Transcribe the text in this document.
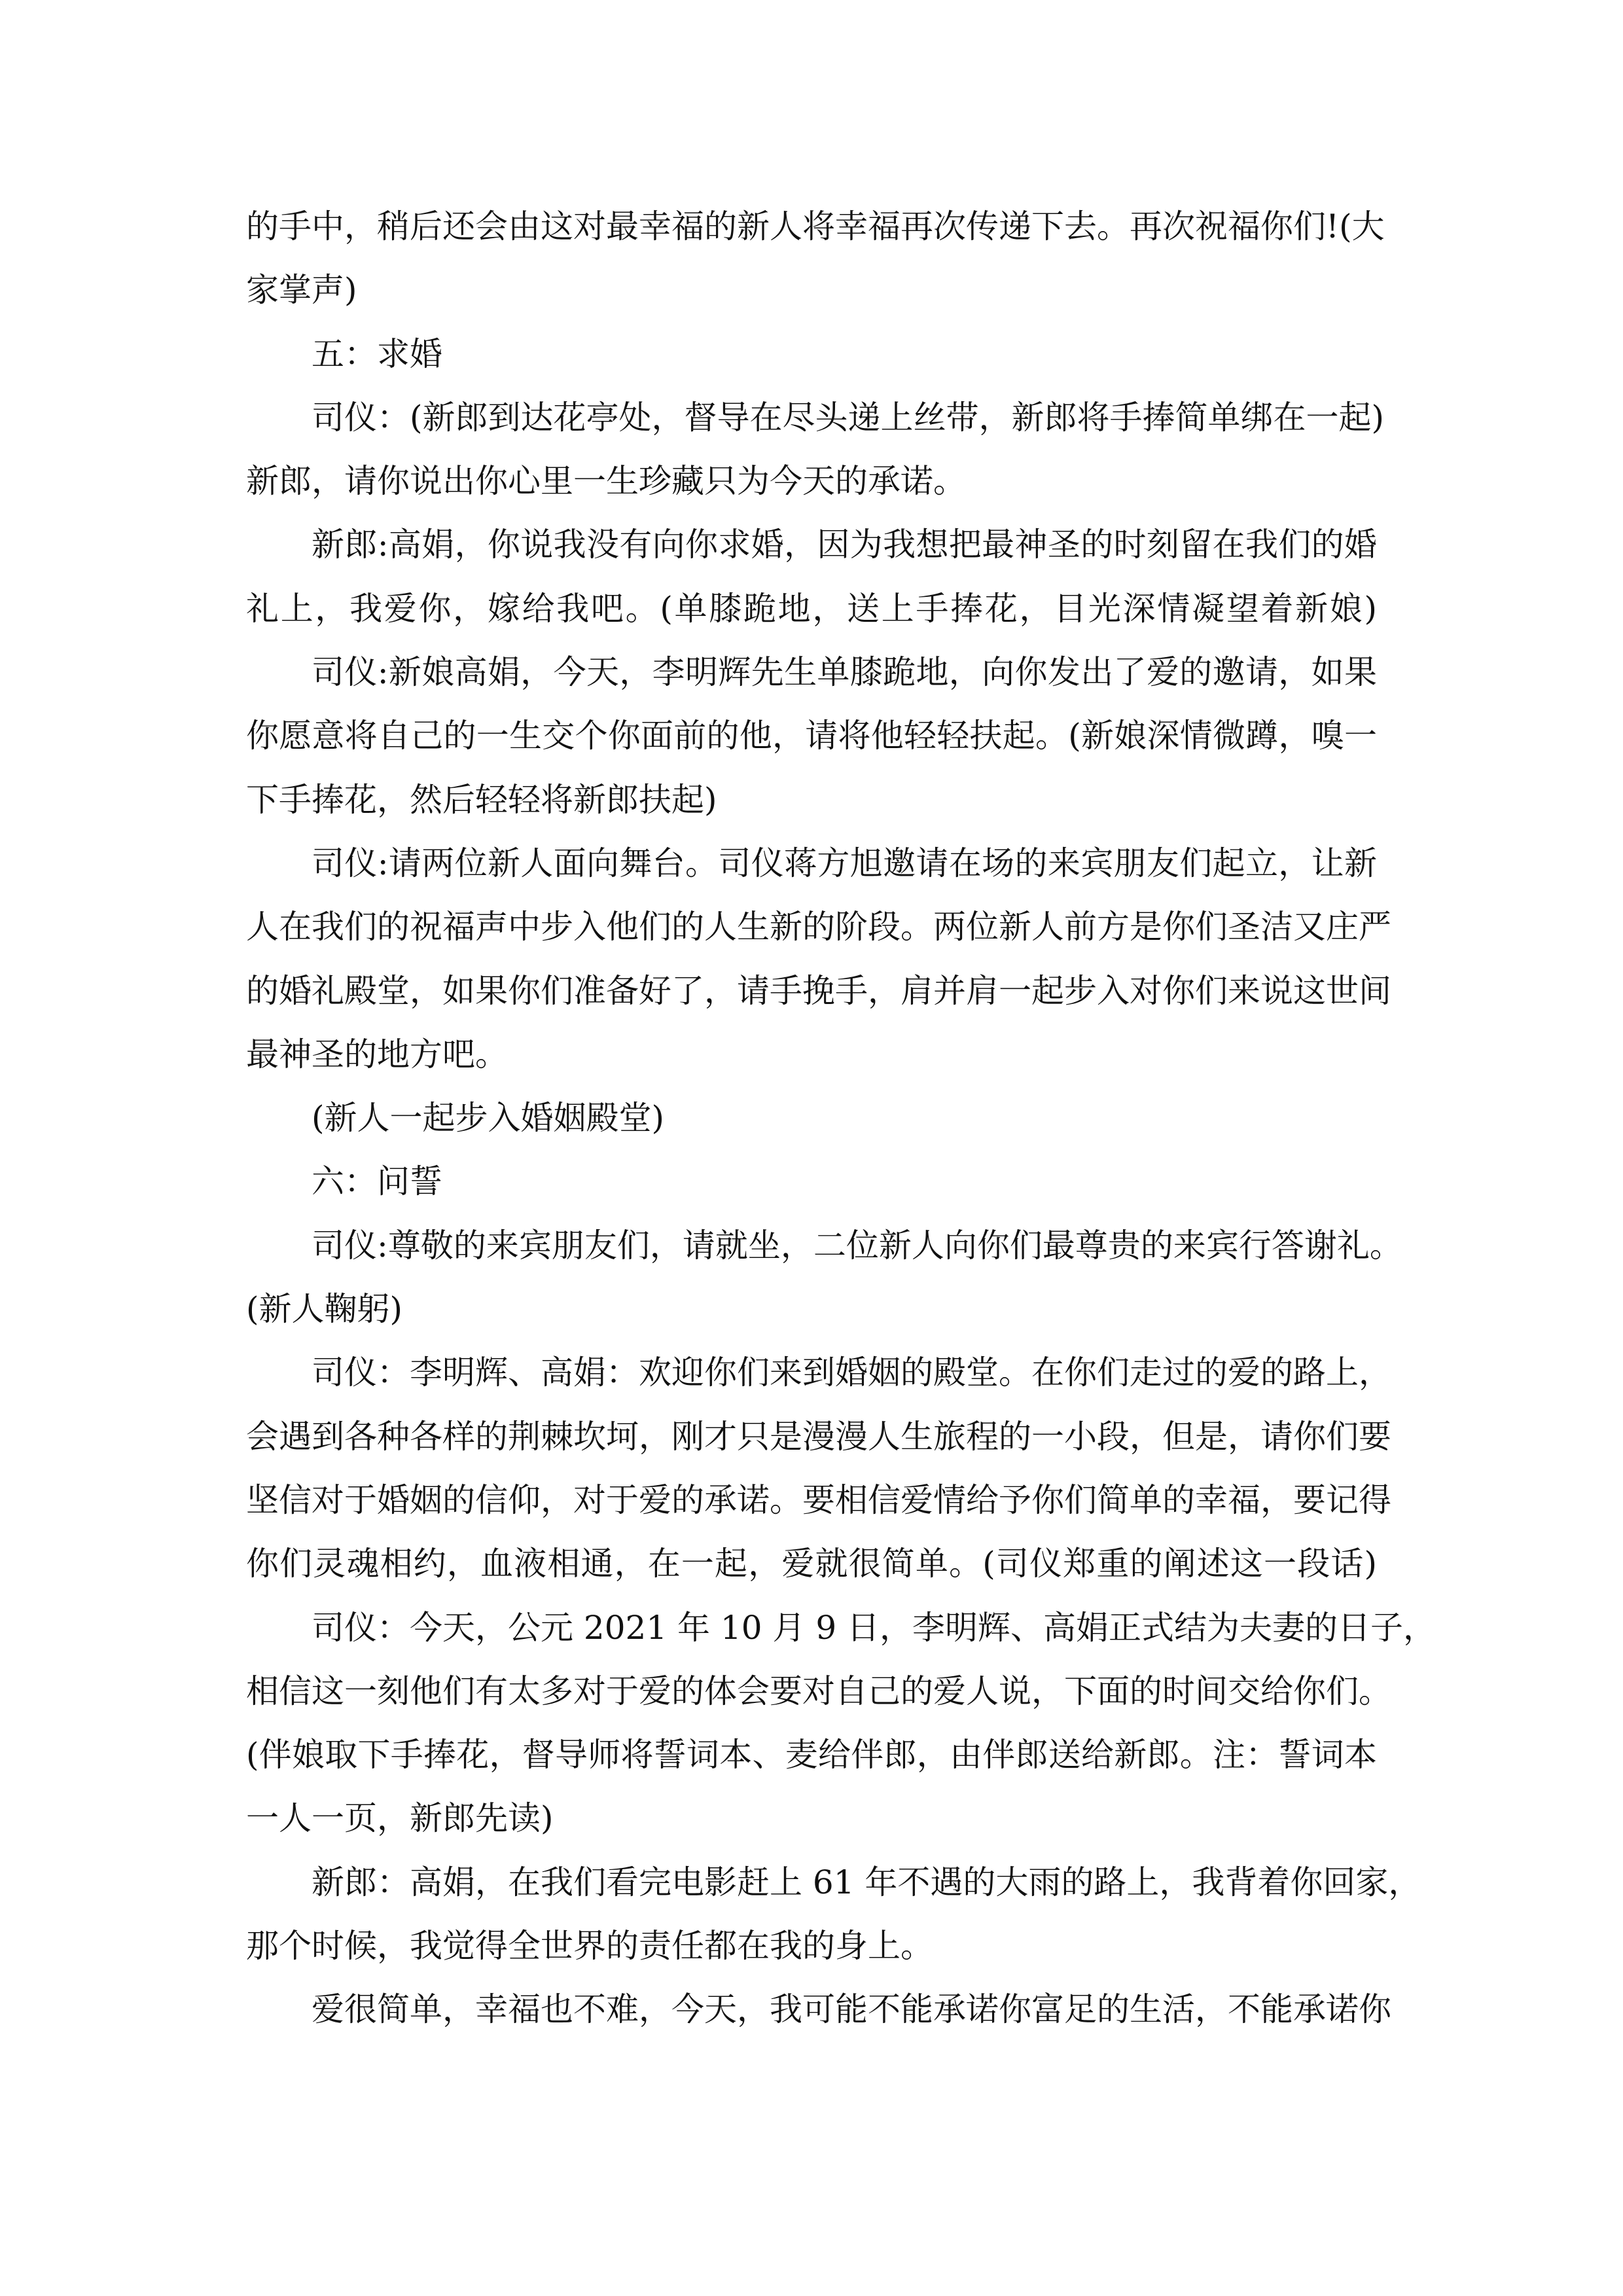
的手中，稍后还会由这对最幸福的新人将幸福再次传递下去。再次祝福你们!(大
家掌声)
五：求婚
司仪：(新郎到达花亭处，督导在尽头递上丝带，新郎将手捧简单绑在一起)
新郎，请你说出你心里一生珍藏只为今天的承诺。
新郎:高娟，你说我没有向你求婚，因为我想把最神圣的时刻留在我们的婚
礼上，我爱你，嫁给我吧。(单膝跪地，送上手捧花，目光深情凝望着新娘)
司仪:新娘高娟，今天，李明辉先生单膝跪地，向你发出了爱的邀请，如果
你愿意将自己的一生交个你面前的他，请将他轻轻扶起。(新娘深情微蹲，嗅一
下手捧花，然后轻轻将新郎扶起)
司仪:请两位新人面向舞台。司仪蒋方旭邀请在场的来宾朋友们起立，让新
人在我们的祝福声中步入他们的人生新的阶段。两位新人前方是你们圣洁又庄严
的婚礼殿堂，如果你们准备好了，请手挽手，肩并肩一起步入对你们来说这世间
最神圣的地方吧。
(新人一起步入婚姻殿堂)
六：问誓
司仪:尊敬的来宾朋友们，请就坐，二位新人向你们最尊贵的来宾行答谢礼。
(新人鞠躬)
司仪：李明辉、高娟：欢迎你们来到婚姻的殿堂。在你们走过的爱的路上，
会遇到各种各样的荆棘坎坷，刚才只是漫漫人生旅程的一小段，但是，请你们要
坚信对于婚姻的信仰，对于爱的承诺。要相信爱情给予你们简单的幸福，要记得
你们灵魂相约，血液相通，在一起，爱就很简单。(司仪郑重的阐述这一段话)
司仪：今天，公元 2021 年 10 月 9 日，李明辉、高娟正式结为夫妻的日子，
相信这一刻他们有太多对于爱的体会要对自己的爱人说，下面的时间交给你们。
(伴娘取下手捧花，督导师将誓词本、麦给伴郎，由伴郎送给新郎。注：誓词本
一人一页，新郎先读)
新郎：高娟，在我们看完电影赶上 61 年不遇的大雨的路上，我背着你回家，
那个时候，我觉得全世界的责任都在我的身上。
爱很简单，幸福也不难，今天，我可能不能承诺你富足的生活，不能承诺你
